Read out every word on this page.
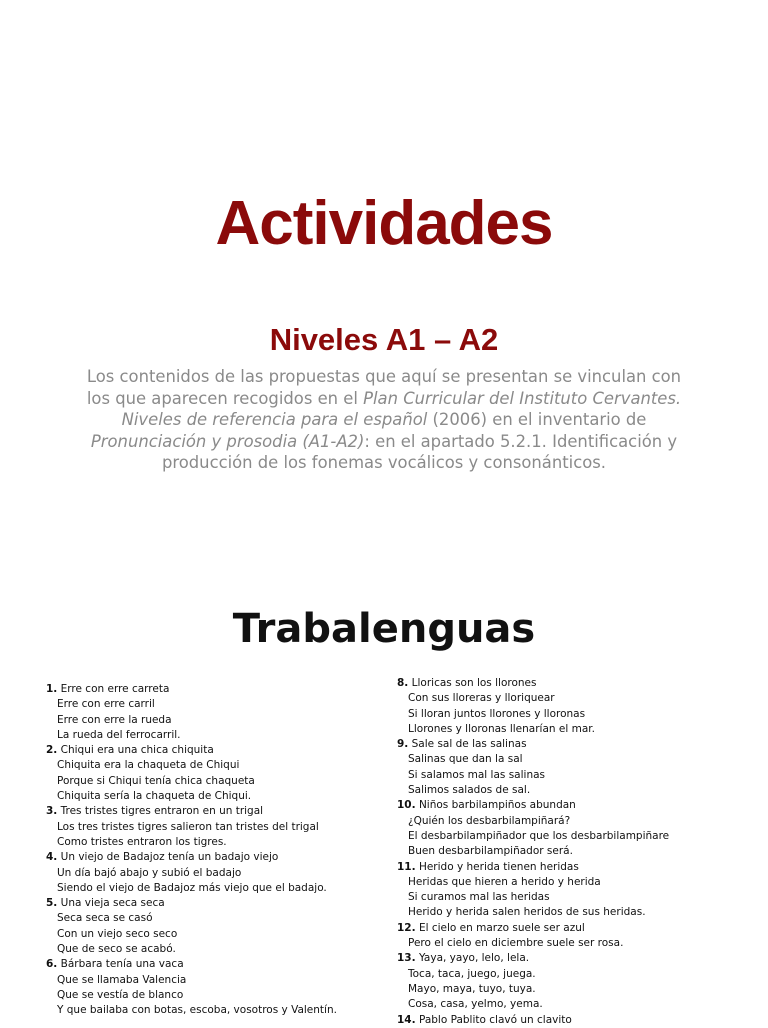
Actividades
Niveles A1 – A2

Los contenidos de las propuestas que aquí se presentan se vinculan con los que aparecen recogidos en el Plan Curricular del Instituto Cervantes. Niveles de referencia para el español (2006) en el inventario de Pronunciación y prosodia (A1-A2): en el apartado 5.2.1. Identificación y producción de los fonemas vocálicos y consonánticos.

Trabalenguas
1. Erre con erre carreta
Erre con erre carril
Erre con erre la rueda
La rueda del ferrocarril.
2. Chiqui era una chica chiquita
Chiquita era la chaqueta de Chiqui
Porque si Chiqui tenía chica chaqueta
Chiquita sería la chaqueta de Chiqui.
3. Tres tristes tigres entraron en un trigal
Los tres tristes tigres salieron tan tristes del trigal
Como tristes entraron los tigres.
4. Un viejo de Badajoz tenía un badajo viejo
Un día bajó abajo y subió el badajo
Siendo el viejo de Badajoz más viejo que el badajo.
5. Una vieja seca seca
Seca seca se casó
Con un viejo seco seco
Que de seco se acabó.
6. Bárbara tenía una vaca
Que se llamaba Valencia
Que se vestía de blanco
Y que bailaba con botas, escoba, vosotros y Valentín.
8. Lloricas son los llorones
Con sus lloreras y lloriquear
Si lloran juntos llorones y lloronas
Llorones y lloronas llenarían el mar.
9. Sale sal de las salinas
Salinas que dan la sal
Si salamos mal las salinas
Salimos salados de sal.
10. Niños barbilampiños abundan
¿Quién los desbarbilampiñará?
El desbarbilampiñador que los desbarbilampiñare
Buen desbarbilampiñador será.
11. Herido y herida tienen heridas
Heridas que hieren a herido y herida
Si curamos mal las heridas
Herido y herida salen heridos de sus heridas.
12. El cielo en marzo suele ser azul
Pero el cielo en diciembre suele ser rosa.
13. Yaya, yayo, lelo, lela.
Toca, taca, juego, juega.
Mayo, maya, tuyo, tuya.
Cosa, casa, yelmo, yema.
14. Pablo Pablito clavó un clavito
